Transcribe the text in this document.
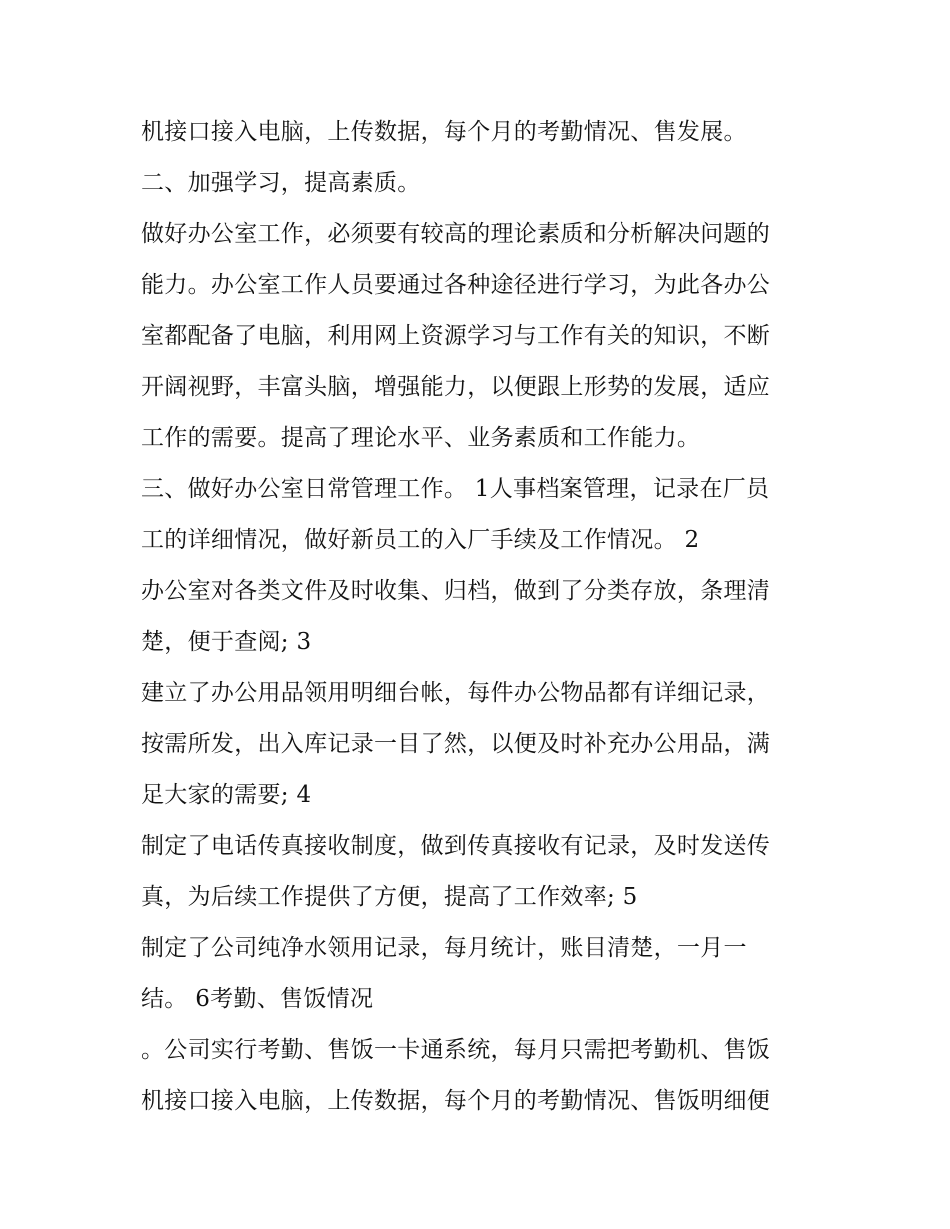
机接口接入电脑，上传数据，每个月的考勤情况、售发展。
二、加强学习，提高素质。
做好办公室工作，必须要有较高的理论素质和分析解决问题的
能力。办公室工作人员要通过各种途径进行学习，为此各办公
室都配备了电脑，利用网上资源学习与工作有关的知识，不断
开阔视野，丰富头脑，增强能力，以便跟上形势的发展，适应
工作的需要。提高了理论水平、业务素质和工作能力。
三、做好办公室日常管理工作。 1人事档案管理，记录在厂员
工的详细情况，做好新员工的入厂手续及工作情况。 2
办公室对各类文件及时收集、归档，做到了分类存放，条理清
楚，便于查阅; 3
建立了办公用品领用明细台帐，每件办公物品都有详细记录，
按需所发，出入库记录一目了然，以便及时补充办公用品，满
足大家的需要; 4
制定了电话传真接收制度，做到传真接收有记录，及时发送传
真，为后续工作提供了方便，提高了工作效率; 5
制定了公司纯净水领用记录，每月统计，账目清楚，一月一
结。 6考勤、售饭情况
。公司实行考勤、售饭一卡通系统，每月只需把考勤机、售饭
机接口接入电脑，上传数据，每个月的考勤情况、售饭明细便
